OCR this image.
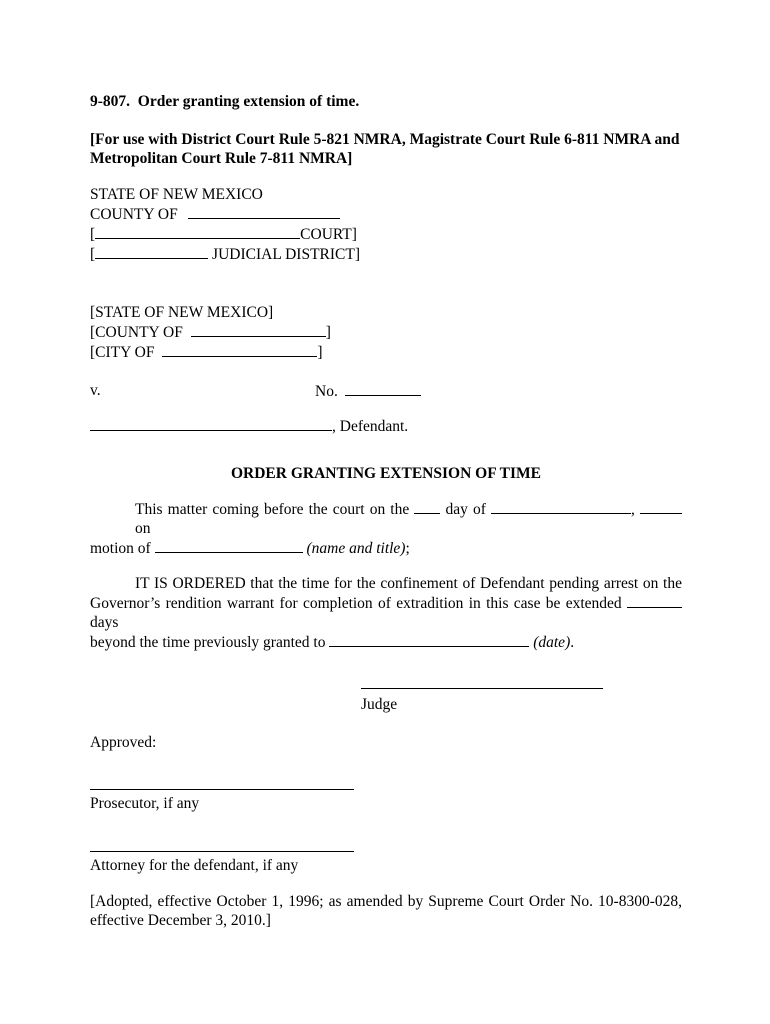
9-807. Order granting extension of time.
[For use with District Court Rule 5-821 NMRA, Magistrate Court Rule 6-811 NMRA and Metropolitan Court Rule 7-811 NMRA]
STATE OF NEW MEXICO
COUNTY OF
[	COURT]
[	JUDICIAL DISTRICT]
[STATE OF NEW MEXICO]
[COUNTY OF	]
[CITY OF	]
v.	No.
, Defendant.
ORDER GRANTING EXTENSION OF TIME
This matter coming before the court on the day of	,  on
motion of	(name and title);
IT IS ORDERED that the time for the confinement of Defendant pending arrest on the
Governor’s rendition warrant for completion of extradition in this case be extended  days
beyond the time previously granted to	(date).
Judge
Approved:
Prosecutor, if any
Attorney for the defendant, if any
[Adopted, effective October 1, 1996; as amended by Supreme Court Order No. 10-8300-028, effective December 3, 2010.]
